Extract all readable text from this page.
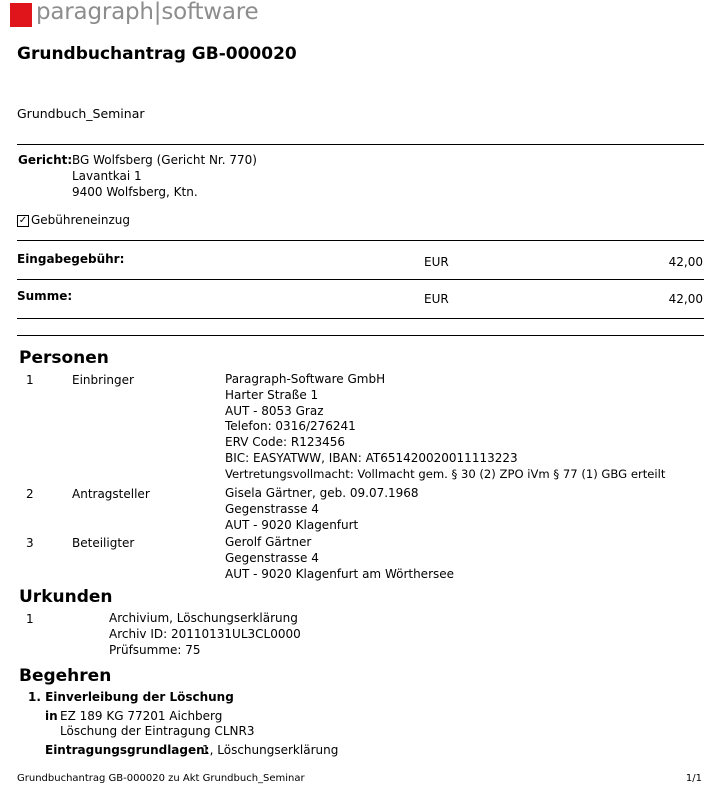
paragraph|software
Grundbuchantrag GB-000020
Grundbuch_Seminar
Gericht: BG Wolfsberg (Gericht Nr. 770)
Lavantkai 1
9400 Wolfsberg, Ktn.
✓ Gebühreneinzug
Eingabegebühr:	EUR	42,00
Summe:	EUR	42,00
Personen
1	Einbringer	Paragraph-Software GmbH
Harter Straße 1
AUT - 8053 Graz
Telefon: 0316/276241
ERV Code: R123456
BIC: EASYATWW, IBAN: AT651420020011113223
Vertretungsvollmacht: Vollmacht gem. § 30 (2) ZPO iVm § 77 (1) GBG erteilt
2	Antragsteller	Gisela Gärtner, geb. 09.07.1968
Gegenstrasse 4
AUT - 9020 Klagenfurt
3	Beteiligter	Gerolf Gärtner
Gegenstrasse 4
AUT - 9020 Klagenfurt am Wörthersee
Urkunden
1	Archivium, Löschungserklärung
Archiv ID: 20110131UL3CL0000
Prüfsumme: 75
Begehren
1. Einverleibung der Löschung
in EZ 189 KG 77201 Aichberg
Löschung der Eintragung CLNR3
Eintragungsgrundlagen:
1, Löschungserklärung
Grundbuchantrag GB-000020 zu Akt Grundbuch_Seminar	1/1
